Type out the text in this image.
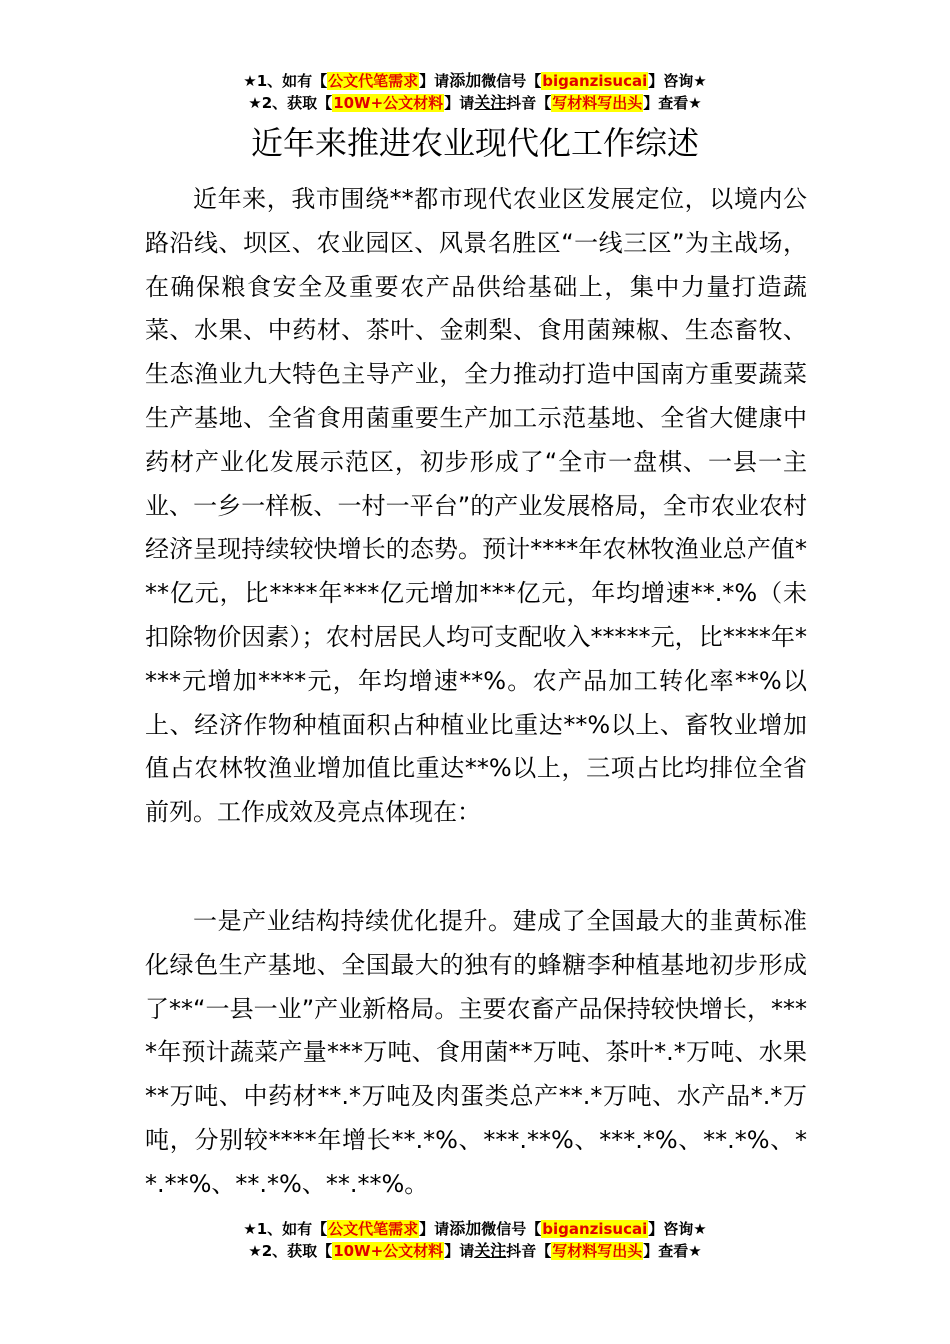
★1、如有【公文代笔需求】请添加微信号【biganzisucai】咨询★
★2、获取【10W+公文材料】请关注抖音【写材料写出头】查看★
近年来推进农业现代化工作综述

近年来，我市围绕**都市现代农业区发展定位，以境内公路沿线、坝区、农业园区、风景名胜区“一线三区”为主战场，在确保粮食安全及重要农产品供给基础上，集中力量打造蔬菜、水果、中药材、茶叶、金刺梨、食用菌辣椒、生态畜牧、生态渔业九大特色主导产业，全力推动打造中国南方重要蔬菜生产基地、全省食用菌重要生产加工示范基地、全省大健康中药材产业化发展示范区，初步形成了“全市一盘棋、一县一主业、一乡一样板、一村一平台”的产业发展格局，全市农业农村经济呈现持续较快增长的态势。预计****年农林牧渔业总产值***亿元，比****年***亿元增加***亿元，年均增速**.*%（未扣除物价因素）；农村居民人均可支配收入*****元，比****年****元增加****元，年均增速**%。农产品加工转化率**%以上、经济作物种植面积占种植业比重达**%以上、畜牧业增加值占农林牧渔业增加值比重达**%以上，三项占比均排位全省前列。工作成效及亮点体现在：

一是产业结构持续优化提升。建成了全国最大的韭黄标准化绿色生产基地、全国最大的独有的蜂糖李种植基地初步形成了**“一县一业”产业新格局。主要农畜产品保持较快增长，****年预计蔬菜产量***万吨、食用菌**万吨、茶叶*.*万吨、水果**万吨、中药材**.*万吨及肉蛋类总产**.*万吨、水产品*.*万吨，分别较****年增长**.*%、***.**%、***.*%、**.*%、**.**%、**.*%、**.**%。

★1、如有【公文代笔需求】请添加微信号【biganzisucai】咨询★
★2、获取【10W+公文材料】请关注抖音【写材料写出头】查看★
